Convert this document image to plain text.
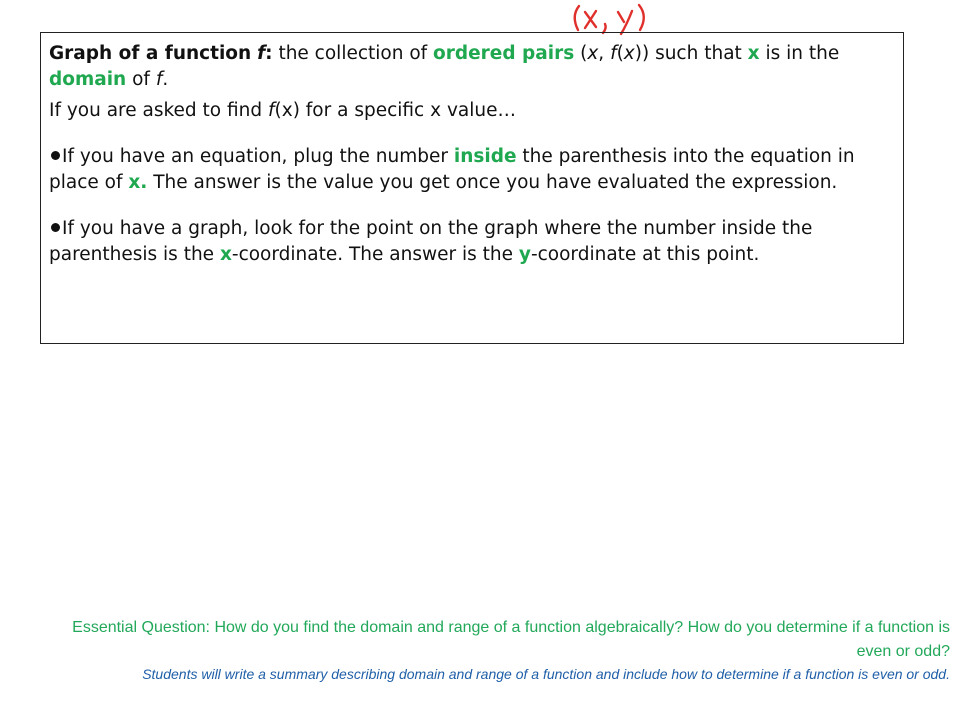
Graph of a function f: the collection of ordered pairs (x, f(x)) such that x is in the domain of f.

If you are asked to find f(x) for a specific x value…

If you have an equation, plug the number inside the parenthesis into the equation in place of x. The answer is the value you get once you have evaluated the expression.

If you have a graph, look for the point on the graph where the number inside the parenthesis is the x-coordinate. The answer is the y-coordinate at this point.

Essential Question: How do you find the domain and range of a function algebraically? How do you determine if a function is even or odd?

Students will write a summary describing domain and range of a function and include how to determine if a function is even or odd.
